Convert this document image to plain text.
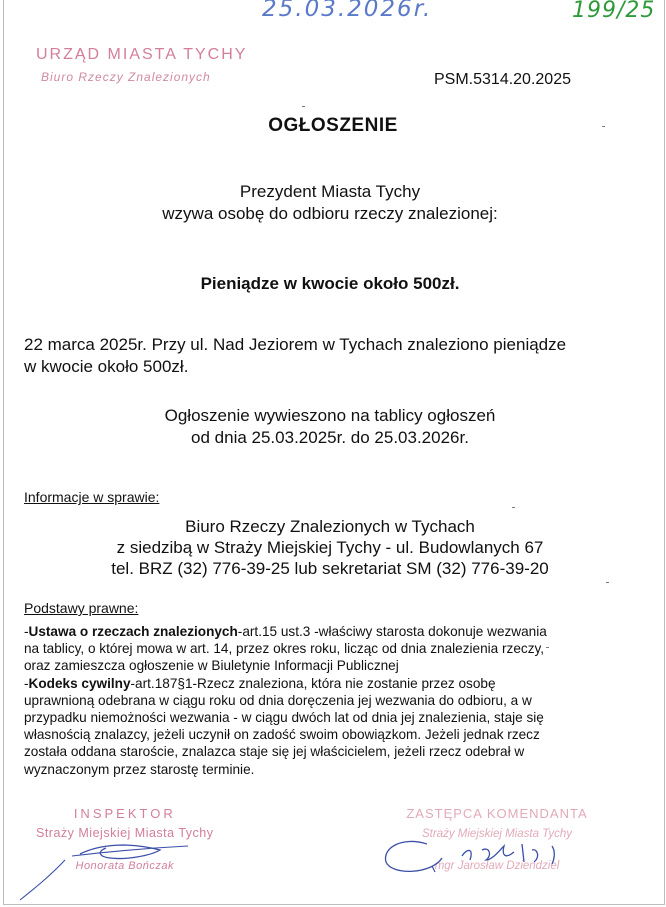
25.03.2026r.	199/25
URZĄD MIASTA TYCHY
Biuro Rzeczy Znalezionych	PSM.5314.20.2025
OGŁOSZENIE
Prezydent Miasta Tychy
wzywa osobę do odbioru rzeczy znalezionej:
Pieniądze w kwocie około 500zł.
22 marca 2025r. Przy ul. Nad Jeziorem w Tychach znaleziono pieniądze
w kwocie około 500zł.
Ogłoszenie wywieszono na tablicy ogłoszeń
od dnia 25.03.2025r. do 25.03.2026r.
Informacje w sprawie:
Biuro Rzeczy Znalezionych w Tychach
z siedzibą w Straży Miejskiej Tychy - ul. Budowlanych 67
tel. BRZ (32) 776-39-25 lub sekretariat SM (32) 776-39-20
Podstawy prawne:
-Ustawa o rzeczach znalezionych-art.15 ust.3 -właściwy starosta dokonuje wezwania
na tablicy, o której mowa w art. 14, przez okres roku, licząc od dnia znalezienia rzeczy,
oraz zamieszcza ogłoszenie w Biuletynie Informacji Publicznej
-Kodeks cywilny-art.187§1-Rzecz znaleziona, która nie zostanie przez osobę
uprawnioną odebrana w ciągu roku od dnia doręczenia jej wezwania do odbioru, a w
przypadku niemożności wezwania - w ciągu dwóch lat od dnia jej znalezienia, staje się
własnością znalazcy, jeżeli uczynił on zadość swoim obowiązkom. Jeżeli jednak rzecz
została oddana staroście, znalazca staje się jej właścicielem, jeżeli rzecz odebrał w
wyznaczonym przez starostę terminie.
INSPEKTOR
Straży Miejskiej Miasta Tychy
Honorata Bończak
ZASTĘPCA KOMENDANTA
Straży Miejskiej Miasta Tychy
mgr Jarosław Dziendziel
